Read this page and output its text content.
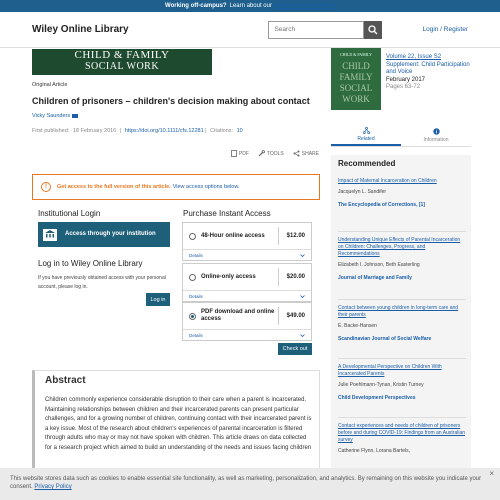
Working off-campus? Learn about our remote access options
Wiley Online Library
Search	Login / Register
CHILD & FAMILY
SOCIAL WORK
Original Article
Children of prisoners – children's decision making about contact
Vicky Saunders
First published: 18 February 2016 | https://doi.org/10.1111/cfs.12281 | Citations: 10
PDF	TOOLS	SHARE
CHILD & FAMILY
CHILD FAMILY SOCIAL WORK
Volume 22, Issue S2
Supplement: Child Participation and Voice
February 2017
Pages 63-72
Related	Information
!	Get access to the full version of this article. View access options below.
Institutional Login
Access through your institution
Log in to Wiley Online Library
If you have previously obtained access with your personal account, please log in.
Log in
Purchase Instant Access
48-Hour online access	$12.00
Details
Online-only access	$20.00
Details
PDF download and online access	$49.00
Details
Check out
Abstract

Children commonly experience considerable disruption to their care when a parent is incarcerated. Maintaining relationships between children and their incarcerated parents can present particular challenges, and for a growing number of children, continuing contact with their incarcerated parent is a key issue. Most of the research about children's experiences of parental incarceration is filtered through adults who may or may not have spoken with children. This article draws on data collected for a research project which aimed to build an understanding of the needs and issues facing children

Recommended
Impact of Maternal Incarceration on Children
Jacquelyn L. Sandifer
The Encyclopedia of Corrections, [1]
Understanding Unique Effects of Parental Incarceration on Children: Challenges, Progress, and Recommendations
Elizabeth I. Johnson, Beth Easterling
Journal of Marriage and Family
Contact between young children in long-term care and their parents
E. Backe-Hansen
Scandinavian Journal of Social Welfare
A Developmental Perspective on Children With Incarcerated Parents
Julie Poehlmann-Tynan, Kristin Turney
Child Development Perspectives
Contact experiences and needs of children of prisoners before and during COVID-19: Findings from an Australian survey
Catherine Flynn, Lorana Bartels,
This website stores data such as cookies to enable essential site functionality, as well as marketing, personalization, and analytics. By remaining on this website you indicate your consent. Privacy Policy
×
